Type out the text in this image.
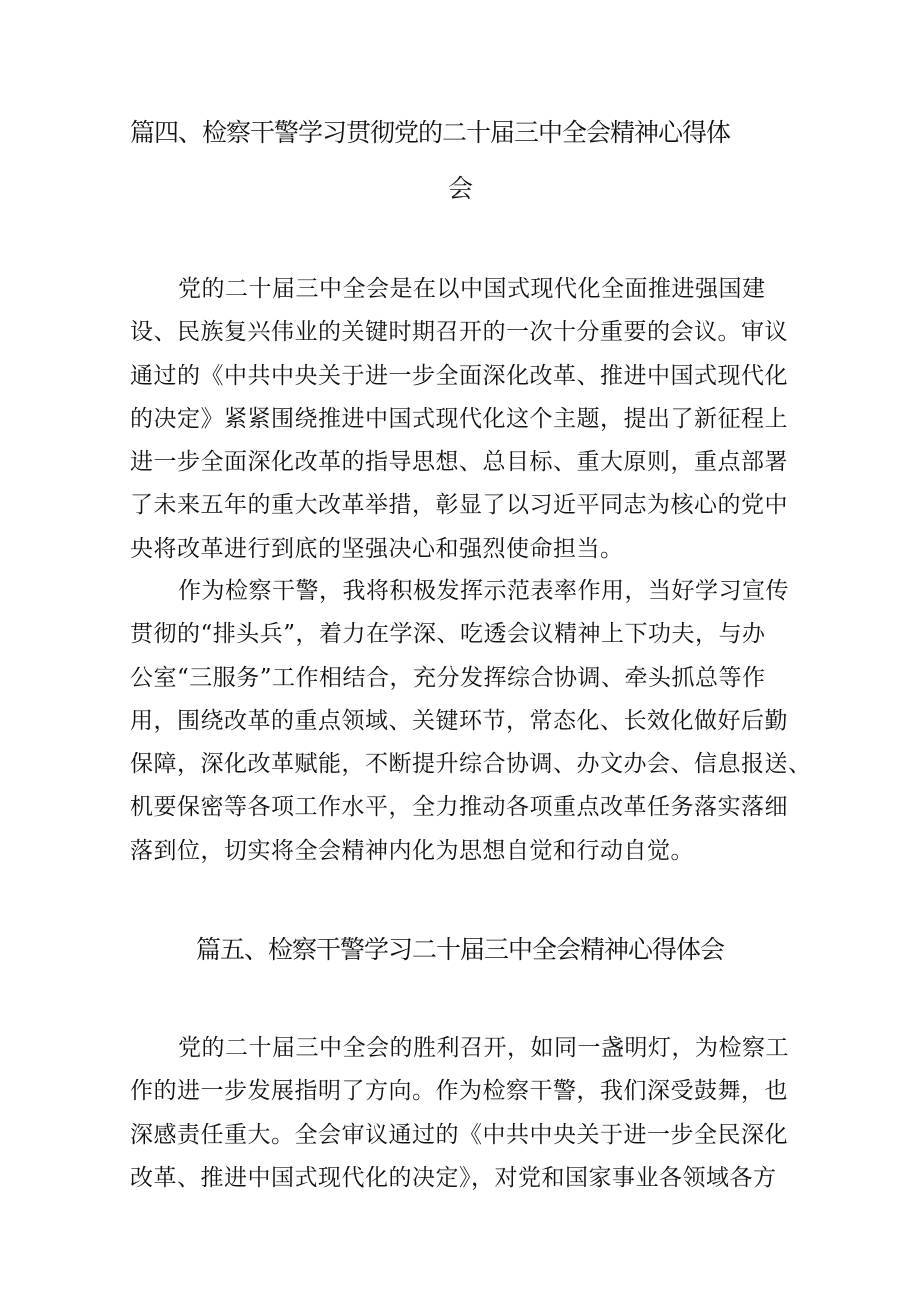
篇四、检察干警学习贯彻党的二十届三中全会精神心得体
会
党的二十届三中全会是在以中国式现代化全面推进强国建
设、民族复兴伟业的关键时期召开的一次十分重要的会议。审议
通过的《中共中央关于进一步全面深化改革、推进中国式现代化
的决定》紧紧围绕推进中国式现代化这个主题，提出了新征程上
进一步全面深化改革的指导思想、总目标、重大原则，重点部署
了未来五年的重大改革举措，彰显了以习近平同志为核心的党中
央将改革进行到底的坚强决心和强烈使命担当。
作为检察干警，我将积极发挥示范表率作用，当好学习宣传
贯彻的“排头兵”，着力在学深、吃透会议精神上下功夫，与办
公室“三服务”工作相结合，充分发挥综合协调、牵头抓总等作
用，围绕改革的重点领域、关键环节，常态化、长效化做好后勤
保障，深化改革赋能，不断提升综合协调、办文办会、信息报送、
机要保密等各项工作水平，全力推动各项重点改革任务落实落细
落到位，切实将全会精神内化为思想自觉和行动自觉。
篇五、检察干警学习二十届三中全会精神心得体会
党的二十届三中全会的胜利召开，如同一盏明灯，为检察工
作的进一步发展指明了方向。作为检察干警，我们深受鼓舞，也
深感责任重大。全会审议通过的《中共中央关于进一步全民深化
改革、推进中国式现代化的决定》，对党和国家事业各领域各方
